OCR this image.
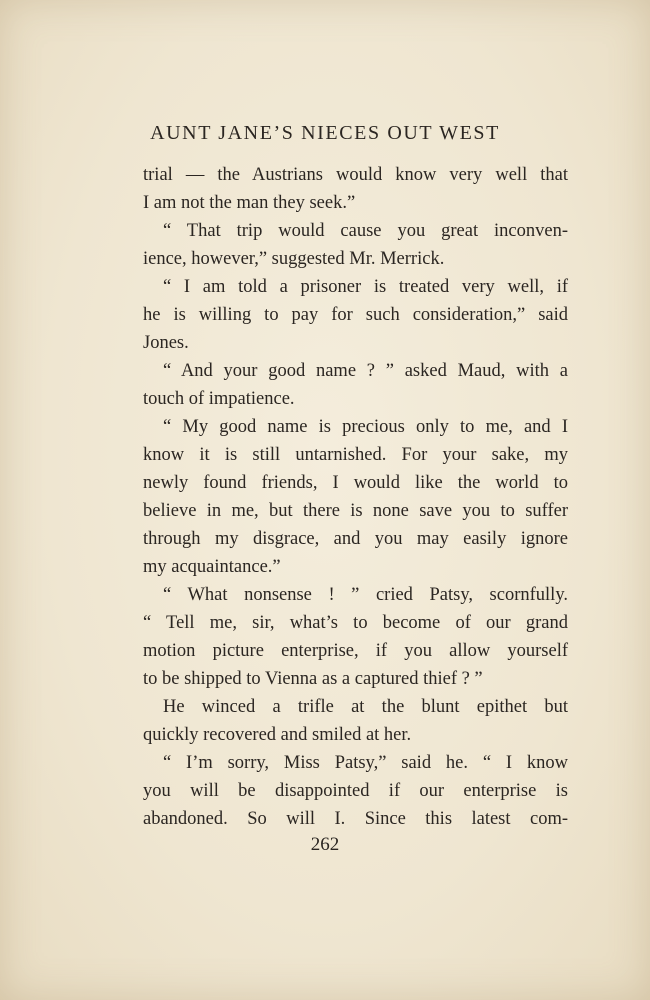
AUNT JANE’S NIECES OUT WEST
trial — the Austrians would know very well that
I am not the man they seek.”
“ That trip would cause you great inconven-
ience, however,” suggested Mr. Merrick.
“ I am told a prisoner is treated very well, if
he is willing to pay for such consideration,” said
Jones.
“ And your good name ? ” asked Maud, with a
touch of impatience.
“ My good name is precious only to me, and I
know it is still untarnished. For your sake, my
newly found friends, I would like the world to
believe in me, but there is none save you to suffer
through my disgrace, and you may easily ignore
my acquaintance.”
“ What nonsense ! ” cried Patsy, scornfully.
“ Tell me, sir, what’s to become of our grand
motion picture enterprise, if you allow yourself
to be shipped to Vienna as a captured thief ? ”
He winced a trifle at the blunt epithet but
quickly recovered and smiled at her.
“ I’m sorry, Miss Patsy,” said he. “ I know
you will be disappointed if our enterprise is
abandoned. So will I. Since this latest com-
262
